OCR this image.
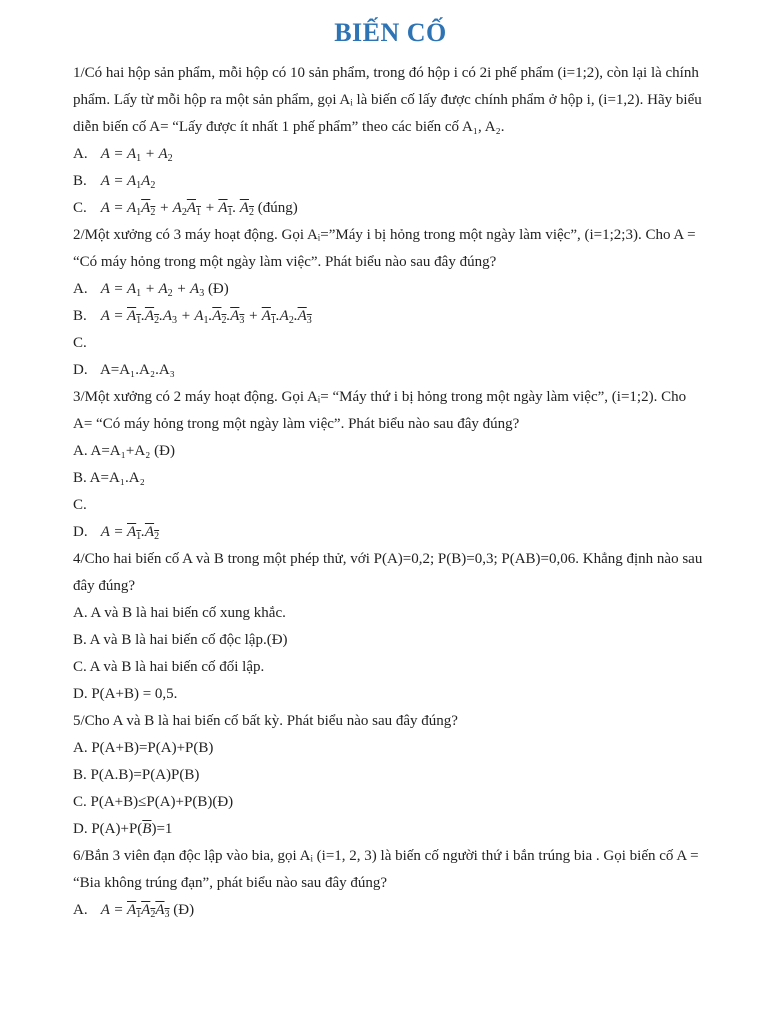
BIẾN CỐ

1/Có hai hộp sản phẩm, mỗi hộp có 10 sản phẩm, trong đó hộp i có 2i phế phẩm (i=1;2), còn lại là chính phẩm. Lấy từ mỗi hộp ra một sản phẩm, gọi Aᵢ là biến cố lấy được chính phẩm ở hộp i, (i=1,2). Hãy biểu diễn biến cố A= “Lấy được ít nhất 1 phế phẩm” theo các biến cố A₁, A₂.

A. $A = A_1 + A_2$
B. $A = A_1A_2$
C. $A = A_1A_2 + A_2A_1 + A_1$. $A_2$ (đúng)

2/Một xưởng có 3 máy hoạt động. Gọi Aᵢ=”Máy i bị hỏng trong một ngày làm việc”, (i=1;2;3). Cho A = “Có máy hỏng trong một ngày làm việc”. Phát biểu nào sau đây đúng?

A. $A = A_1 + A_2 + A_3$ (Đ)
B. $A = A_1.A_2.A_3 + A_1.A_2.A_3 + A_1.A_2.A_3$
C.
D. A=A₁.A₂.A₃

3/Một xưởng có 2 máy hoạt động. Gọi Aᵢ= “Máy thứ i bị hỏng trong một ngày làm việc”, (i=1;2). Cho A= “Có máy hỏng trong một ngày làm việc”. Phát biểu nào sau đây đúng?

A. A=A₁+A₂ (Đ)
B. A=A₁.A₂
C.
D. $A = A_1.A_2$

4/Cho hai biến cố A và B trong một phép thử, với P(A)=0,2; P(B)=0,3; P(AB)=0,06. Khẳng định nào sau đây đúng?

A. A và B là hai biến cố xung khắc.
B. A và B là hai biến cố độc lập.(Đ)
C. A và B là hai biến cố đối lập.
D. P(A+B) = 0,5.

5/Cho A và B là hai biến cố bất kỳ. Phát biểu nào sau đây đúng?

A. P(A+B)=P(A)+P(B)
B. P(A.B)=P(A)P(B)
C. P(A+B)≤P(A)+P(B)(Đ)
D. $P(A)+P(\overline{B})=1$

6/Bắn 3 viên đạn độc lập vào bia, gọi Aᵢ (i=1, 2, 3) là biến cố người thứ i bắn trúng bia . Gọi biến cố A = “Bia không trúng đạn”, phát biểu nào sau đây đúng?

A. $A = A_1A_2A_3$ (Đ)
